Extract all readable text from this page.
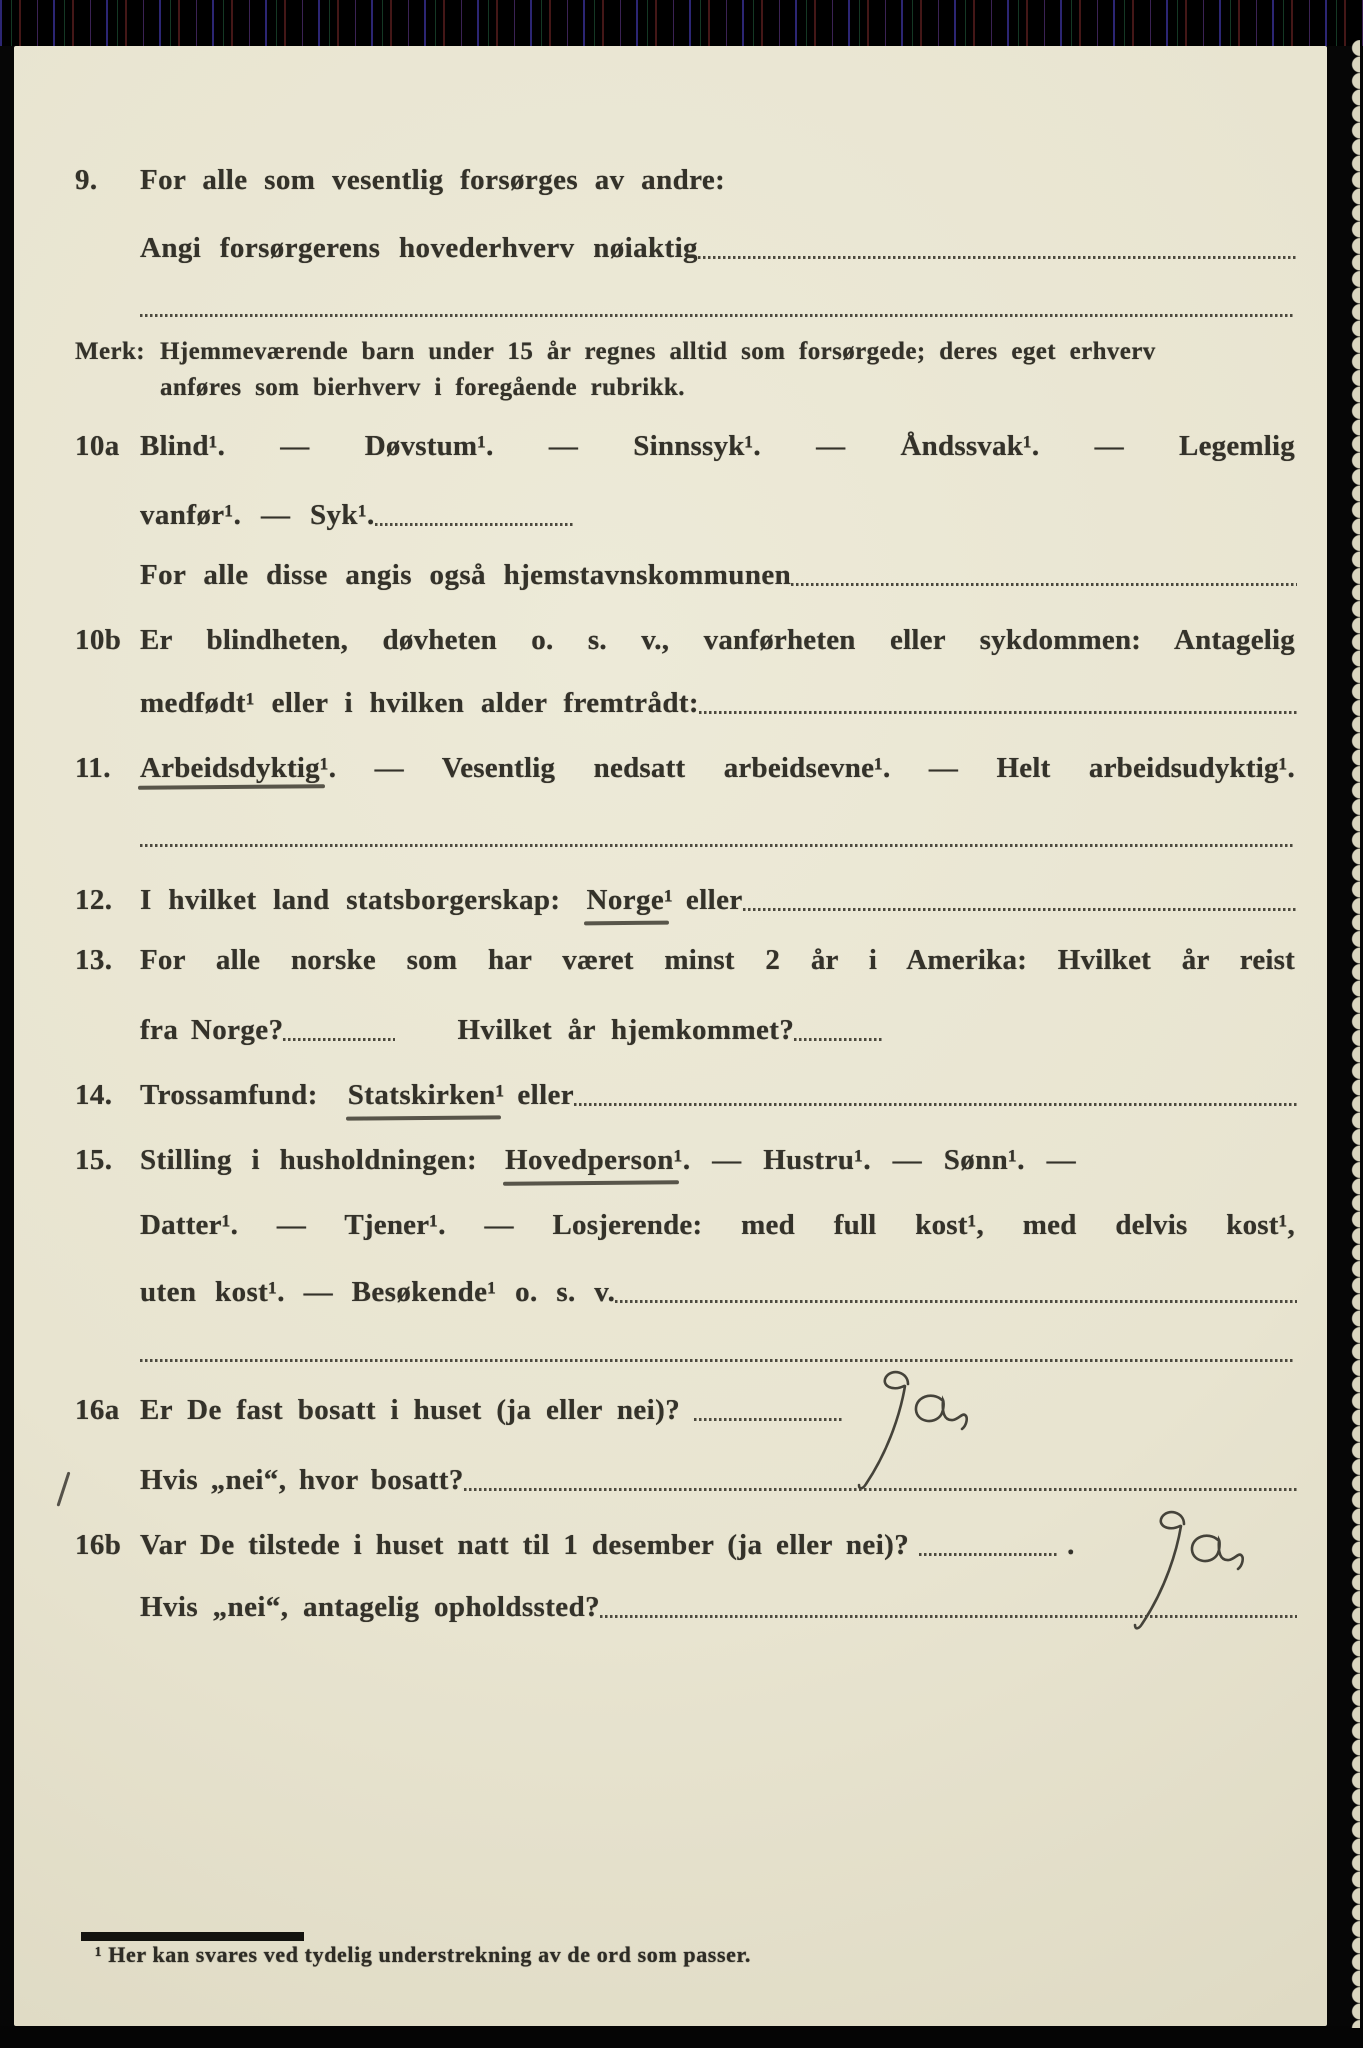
9.	For alle som vesentlig forsørges av andre:
Angi forsørgerens hovederhverv nøiaktig
Merk: Hjemmeværende barn under 15 år regnes alltid som forsørgede; deres eget erhverv
anføres som bierhverv i foregående rubrikk.
10a Blind¹. — Døvstum¹. — Sinnssyk¹. — Åndssvak¹. — Legemlig
vanfør¹. — Syk¹.
For alle disse angis også hjemstavnskommunen
10b Er blindheten, døvheten o. s. v., vanførheten eller sykdommen: Antagelig
medfødt¹ eller i hvilken alder fremtrådt:
11.	Arbeidsdyktig¹. — Vesentlig nedsatt arbeidsevne¹. — Helt arbeidsudyktig¹.
12. I hvilket land statsborgerskap: Norge ¹ eller
13. For alle norske som har været minst 2 år i Amerika: Hvilket år reist
fra Norge?	Hvilket år hjemkommet?
14. Trossamfund: Statskirken ¹ eller
15. Stilling i husholdningen: Hovedperson ¹. — Hustru¹. — Sønn¹. —
Datter¹. — Tjener¹. — Losjerende: med full kost¹, med delvis kost¹,
uten kost¹. — Besøkende¹ o. s. v.
16a Er De fast bosatt i huset (ja eller nei)?
Hvis „nei“, hvor bosatt?
16b Var De tilstede i huset natt til 1 desember (ja eller nei)?	.
Hvis „nei“, antagelig opholdssted?
¹ Her kan svares ved tydelig understrekning av de ord som passer.
